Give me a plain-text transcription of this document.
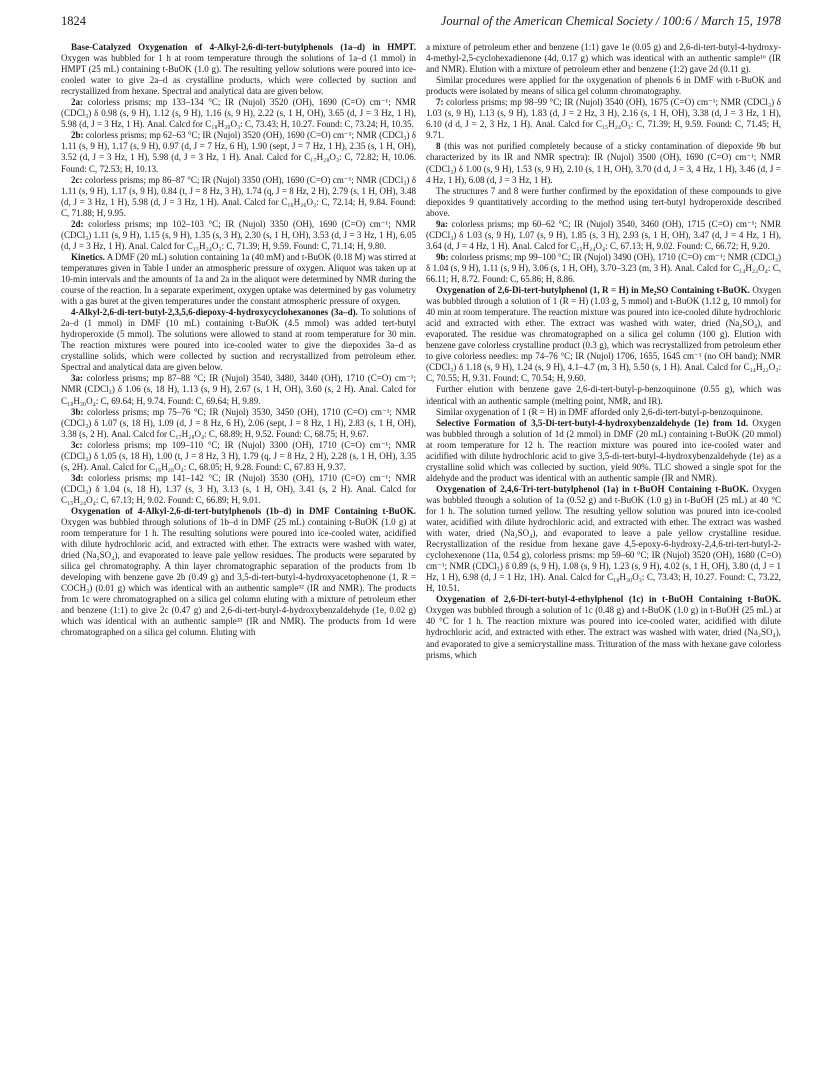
1824	Journal of the American Chemical Society / 100:6 / March 15, 1978

Base-Catalyzed Oxygenation of 4-Alkyl-2,6-di-tert-butylphenols (1a–d) in HMPT. Oxygen was bubbled for 1 h at room temperature through the solutions of 1a–d (1 mmol) in HMPT (25 mL) containing t-BuOK (1.0 g). The resulting yellow solutions were poured into ice-cooled water to give 2a–d as crystalline products, which were collected by suction and recrystallized from hexane. Spectral and analytical data are given below.

2a: colorless prisms; mp 133–134 °C; IR (Nujol) 3520 (OH), 1690 (C=O) cm⁻¹; NMR (CDCl₃) δ 0.98 (s, 9 H), 1.12 (s, 9 H), 1.16 (s, 9 H), 2.22 (s, 1 H, OH), 3.65 (d, J = 3 Hz, 1 H), 5.98 (d, J = 3 Hz, 1 H). Anal. Calcd for C₁₈H₃₀O₃: C, 73.43; H, 10.27. Found: C, 73.24; H, 10.35.

2b: colorless prisms; mp 62–63 °C; IR (Nujol) 3520 (OH), 1690 (C=O) cm⁻¹; NMR (CDCl₃) δ 1.11 (s, 9 H), 1.17 (s, 9 H), 0.97 (d, J = 7 Hz, 6 H), 1.90 (sept, J = 7 Hz, 1 H), 2.35 (s, 1 H, OH), 3.52 (d, J = 3 Hz, 1 H), 5.98 (d, J = 3 Hz, 1 H). Anal. Calcd for C₁₇H₂₈O₃: C, 72.82; H, 10.06. Found: C, 72.53; H, 10.13.

2c: colorless prisms; mp 86–87 °C; IR (Nujol) 3350 (OH), 1690 (C=O) cm⁻¹; NMR (CDCl₃) δ 1.11 (s, 9 H), 1.17 (s, 9 H), 0.84 (t, J = 8 Hz, 3 H), 1.74 (q, J = 8 Hz, 2 H), 2.79 (s, 1 H, OH), 3.48 (d, J = 3 Hz, 1 H), 5.98 (d, J = 3 Hz, 1 H). Anal. Calcd for C₁₆H₂₆O₃: C, 72.14; H, 9.84. Found: C, 71.88; H, 9.95.

2d: colorless prisms; mp 102–103 °C; IR (Nujol) 3350 (OH), 1690 (C=O) cm⁻¹; NMR (CDCl₃) 1.11 (s, 9 H), 1.15 (s, 9 H), 1.35 (s, 3 H), 2.30 (s, 1 H, OH), 3.53 (d, J = 3 Hz, 1 H), 6.05 (d, J = 3 Hz, 1 H). Anal. Calcd for C₁₅H₂₄O₃: C, 71.39; H, 9.59. Found: C, 71.14; H, 9.80.

Kinetics. A DMF (20 mL) solution containing 1a (40 mM) and t-BuOK (0.18 M) was stirred at temperatures given in Table I under an atmospheric pressure of oxygen. Aliquot was taken up at 10-min intervals and the amounts of 1a and 2a in the aliquot were determined by NMR during the course of the reaction. In a separate experiment, oxygen uptake was determined by gas volumetry with a gas buret at the given temperatures under the constant atmospheric pressure of oxygen.

4-Alkyl-2,6-di-tert-butyl-2,3,5,6-diepoxy-4-hydroxycyclohexanones (3a–d). To solutions of 2a–d (1 mmol) in DMF (10 mL) containing t-BuOK (4.5 mmol) was added tert-butyl hydroperoxide (5 mmol). The solutions were allowed to stand at room temperature for 30 min. The reaction mixtures were poured into ice-cooled water to give the diepoxides 3a–d as crystalline solids, which were collected by suction and recrystallized from petroleum ether. Spectral and analytical data are given below.

3a: colorless prisms; mp 87–88 °C; IR (Nujol) 3540, 3480, 3440 (OH), 1710 (C=O) cm⁻¹; NMR (CDCl₃) δ 1.06 (s, 18 H), 1.13 (s, 9 H), 2.67 (s, 1 H, OH), 3.60 (s, 2 H). Anal. Calcd for C₁₈H₃₀O₄: C, 69.64; H, 9.74. Found: C, 69.64; H, 9.89.

3b: colorless prisms; mp 75–76 °C; IR (Nujol) 3530, 3450 (OH), 1710 (C=O) cm⁻¹; NMR (CDCl₃) δ 1.07 (s, 18 H), 1.09 (d, J = 8 Hz, 6 H), 2.06 (sept, J = 8 Hz, 1 H), 2.83 (s, 1 H, OH), 3.38 (s, 2 H). Anal. Calcd for C₁₇H₂₈O₄: C, 68.89; H, 9.52. Found: C, 68.75; H, 9.67.

3c: colorless prisms; mp 109–110 °C; IR (Nujol) 3300 (OH), 1710 (C=O) cm⁻¹; NMR (CDCl₃) δ 1.05 (s, 18 H), 1.00 (t, J = 8 Hz, 3 H), 1.79 (q, J = 8 Hz, 2 H), 2.28 (s, 1 H, OH), 3.35 (s, 2H). Anal. Calcd for C₁₆H₂₆O₄: C, 68.05; H, 9.28. Found: C, 67.83 H, 9.37.

3d: colorless prisms; mp 141–142 °C; IR (Nujol) 3530 (OH), 1710 (C=O) cm⁻¹; NMR (CDCl₃) δ 1.04 (s, 18 H), 1.37 (s, 3 H), 3.13 (s, 1 H, OH), 3.41 (s, 2 H). Anal. Calcd for C₁₅H₂₄O₄: C, 67.13; H, 9.02. Found: C, 66.89; H, 9.01.

Oxygenation of 4-Alkyl-2,6-di-tert-butylphenols (1b–d) in DMF Containing t-BuOK. Oxygen was bubbled through solutions of 1b–d in DMF (25 mL) containing t-BuOK (1.0 g) at room temperature for 1 h. The resulting solutions were poured into ice-cooled water, acidified with dilute hydrochloric acid, and extracted with ether. The extracts were washed with water, dried (Na₂SO₄), and evaporated to leave pale yellow residues. The products were separated by silica gel chromatography. A thin layer chromatographic separation of the products from 1b developing with benzene gave 2b (0.49 g) and 3,5-di-tert-butyl-4-hydroxyacetophenone (1, R = COCH₃) (0.01 g) which was identical with an authentic sample³² (IR and NMR). The products from 1c were chromatographed on a silica gel column eluting with a mixture of petroleum ether and benzene (1:1) to give 2c (0.47 g) and 2,6-di-tert-butyl-4-hydroxybenzaldehyde (1e, 0.02 g) which was identical with an authentic sample³³ (IR and NMR). The products from 1d were chromatographed on a silica gel column. Eluting with

a mixture of petroleum ether and benzene (1:1) gave 1e (0.05 g) and 2,6-di-tert-butyl-4-hydroxy-4-methyl-2,5-cyclohexadienone (4d, 0.17 g) which was identical with an authentic sample¹⁶ (IR and NMR). Elution with a mixture of petroleum ether and benzene (1:2) gave 2d (0.11 g).

Similar procedures were applied for the oxygenation of phenols 6 in DMF with t-BuOK and products were isolated by means of silica gel column chromatography.

7: colorless prisms; mp 98–99 °C; IR (Nujol) 3540 (OH), 1675 (C=O) cm⁻¹; NMR (CDCl₃) δ 1.03 (s, 9 H), 1.13 (s, 9 H), 1.83 (d, J = 2 Hz, 3 H), 2.16 (s, 1 H, OH), 3.38 (d, J = 3 Hz, 1 H), 6.10 (d d, J = 2, 3 Hz, 1 H). Anal. Calcd for C₁₅H₂₄O₃: C, 71.39; H, 9.59. Found: C, 71.45; H, 9.71.

8 (this was not purified completely because of a sticky contamination of diepoxide 9b but characterized by its IR and NMR spectra): IR (Nujol) 3500 (OH), 1690 (C=O) cm⁻¹; NMR (CDCl₃) δ 1.00 (s, 9 H), 1.53 (s, 9 H), 2.10 (s, 1 H, OH), 3.70 (d d, J = 3, 4 Hz, 1 H), 3.46 (d, J = 4 Hz, 1 H), 6.08 (d, J = 3 Hz, 1 H).

The structures 7 and 8 were further confirmed by the epoxidation of these compounds to give diepoxides 9 quantitatively according to the method using tert-butyl hydroperoxide described above.

9a: colorless prisms; mp 60–62 °C; IR (Nujol) 3540, 3460 (OH), 1715 (C=O) cm⁻¹; NMR (CDCl₃) δ 1.03 (s, 9 H), 1.07 (s, 9 H), 1.85 (s, 3 H), 2.93 (s, 1 H, OH), 3.47 (d, J = 4 Hz, 1 H), 3.64 (d, J = 4 Hz, 1 H). Anal. Calcd for C₁₅H₂₄O₄: C, 67.13; H, 9.02. Found: C, 66.72; H, 9.20.

9b: colorless prisms; mp 99–100 °C; IR (Nujol) 3490 (OH), 1710 (C=O) cm⁻¹; NMR (CDCl₃) δ 1.04 (s, 9 H), 1.11 (s, 9 H), 3.06 (s, 1 H, OH), 3.70–3.23 (m, 3 H). Anal. Calcd for C₁₄H₂₂O₄: C, 66.11; H, 8.72. Found: C, 65.86; H, 8.86.

Oxygenation of 2,6-Di-tert-butylphenol (1, R = H) in Me₂SO Containing t-BuOK. Oxygen was bubbled through a solution of 1 (R = H) (1.03 g, 5 mmol) and t-BuOK (1.12 g, 10 mmol) for 40 min at room temperature. The reaction mixture was poured into ice-cooled dilute hydrochloric acid and extracted with ether. The extract was washed with water, dried (Na₂SO₄), and evaporated. The residue was chromatographed on a silica gel column (100 g). Elution with benzene gave colorless crystalline product (0.3 g), which was recrystallized from petroleum ether to give colorless needles: mp 74–76 °C; IR (Nujol) 1706, 1655, 1645 cm⁻¹ (no OH band); NMR (CDCl₃) δ 1.18 (s, 9 H), 1.24 (s, 9 H), 4.1–4.7 (m, 3 H), 5.50 (s, 1 H). Anal. Calcd for C₁₄H₂₂O₃: C, 70.55; H, 9.31. Found: C, 70.54; H, 9.60.

Further elution with benzene gave 2,6-di-tert-butyl-p-benzoquinone (0.55 g), which was identical with an authentic sample (melting point, NMR, and IR).

Similar oxygenation of 1 (R = H) in DMF afforded only 2,6-di-tert-butyl-p-benzoquinone.

Selective Formation of 3,5-Di-tert-butyl-4-hydroxybenzaldehyde (1e) from 1d. Oxygen was bubbled through a solution of 1d (2 mmol) in DMF (20 mL) containing t-BuOK (20 mmol) at room temperature for 12 h. The reaction mixture was poured into ice-cooled water and acidified with dilute hydrochloric acid to give 3,5-di-tert-butyl-4-hydroxybenzaldehyde (1e) as a crystalline solid which was collected by suction, yield 90%. TLC showed a single spot for the aldehyde and the product was identical with an authentic sample (IR and NMR).

Oxygenation of 2,4,6-Tri-tert-butylphenol (1a) in t-BuOH Containing t-BuOK. Oxygen was bubbled through a solution of 1a (0.52 g) and t-BuOK (1.0 g) in t-BuOH (25 mL) at 40 °C for 1 h. The solution turned yellow. The resulting yellow solution was poured into ice-cooled water, acidified with dilute hydrochloric acid, and extracted with ether. The extract was washed with water, dried (Na₂SO₄), and evaporated to leave a pale yellow crystalline residue. Recrystallization of the residue from hexane gave 4,5-epoxy-6-hydroxy-2,4,6-tri-tert-butyl-2-cyclohexenone (11a, 0.54 g), colorless prisms: mp 59–60 °C; IR (Nujol) 3520 (OH), 1680 (C=O) cm⁻¹; NMR (CDCl₃) δ 0.89 (s, 9 H), 1.08 (s, 9 H), 1.23 (s, 9 H), 4.02 (s, 1 H, OH), 3.80 (d, J = 1 Hz, 1 H), 6.98 (d, J = 1 Hz, 1H). Anal. Calcd for C₁₈H₃₀O₃: C, 73.43; H, 10.27. Found: C, 73.22, H, 10.51.

Oxygenation of 2,6-Di-tert-butyl-4-ethylphenol (1c) in t-BuOH Containing t-BuOK. Oxygen was bubbled through a solution of 1c (0.48 g) and t-BuOK (1.0 g) in t-BuOH (25 mL) at 40 °C for 1 h. The reaction mixture was poured into ice-cooled water, acidified with dilute hydrochloric acid, and extracted with ether. The extract was washed with water, dried (Na₂SO₄), and evaporated to give a semicrystalline mass. Trituration of the mass with hexane gave colorless prisms, which
